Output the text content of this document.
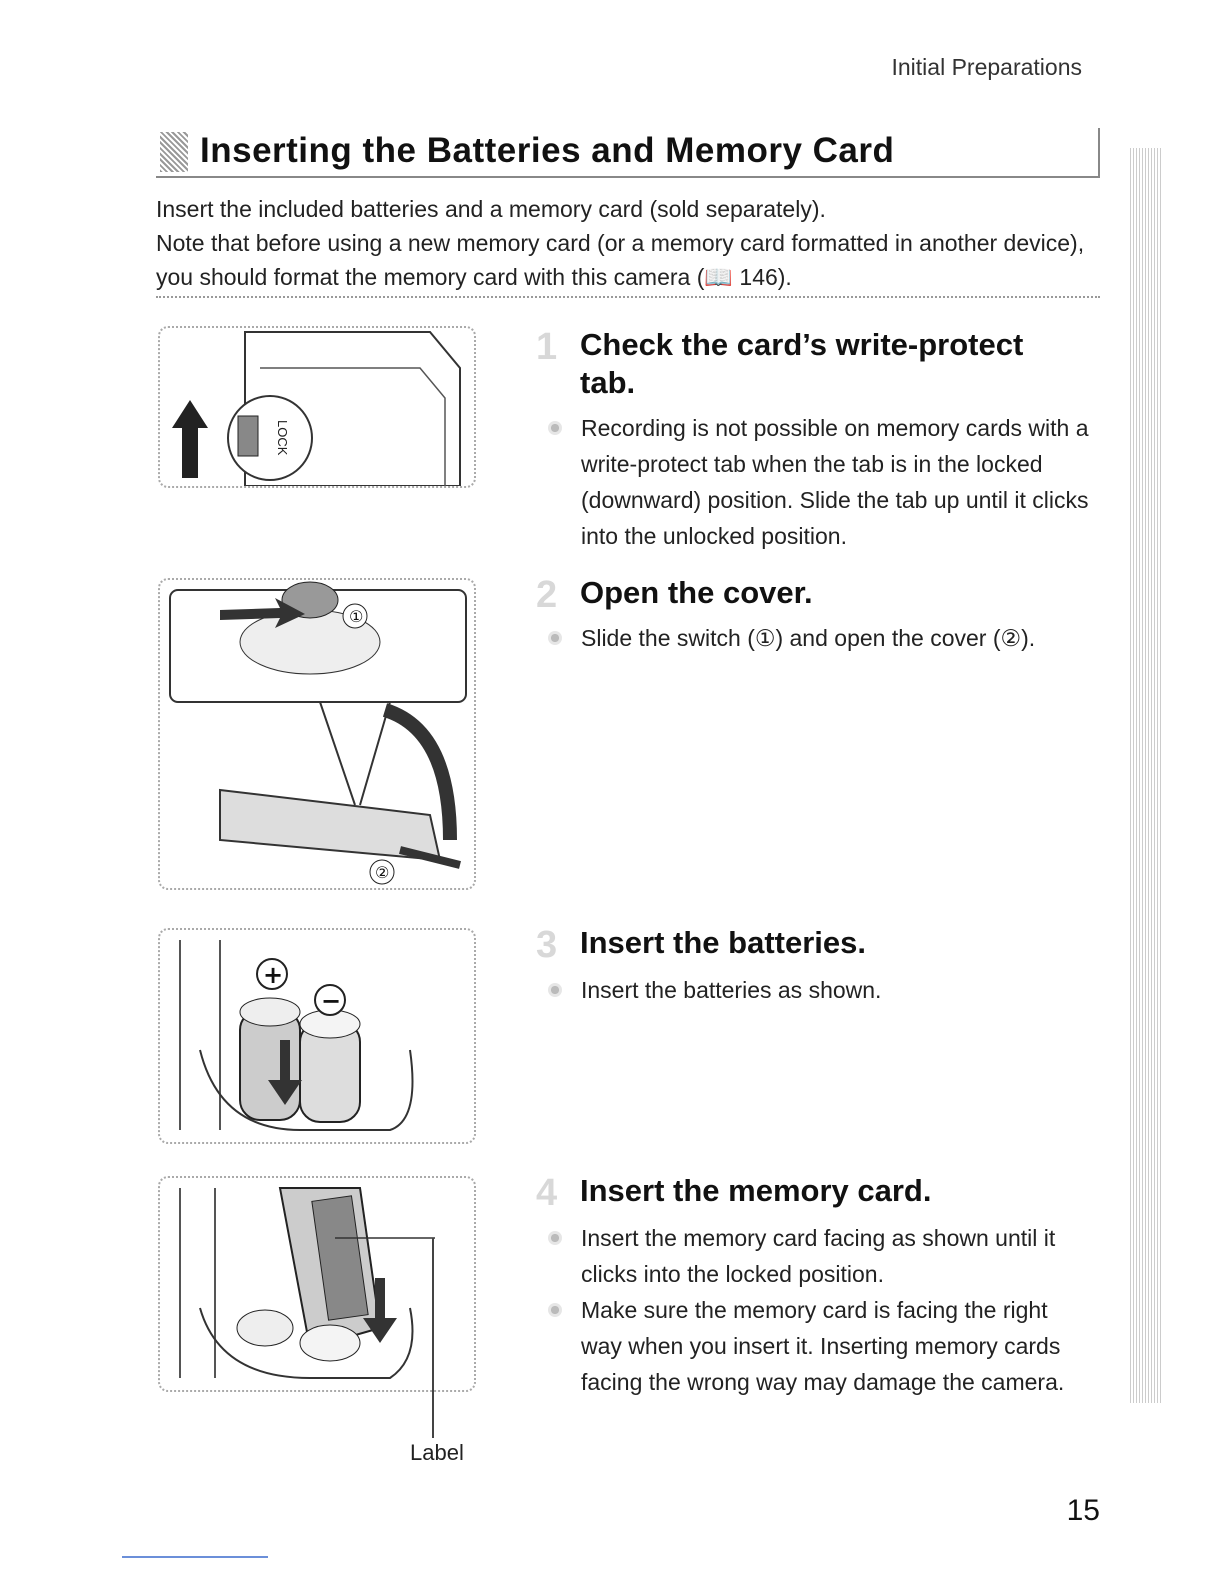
Initial Preparations
Inserting the Batteries and Memory Card

Insert the included batteries and a memory card (sold separately).

Note that before using a new memory card (or a memory card formatted in another device), you should format the memory card with this camera (📖 146).

LOCK
①
②
+
−
Label
1 Check the card’s write-protect tab.
Recording is not possible on memory cards with a write-protect tab when the tab is in the locked (downward) position. Slide the tab up until it clicks into the unlocked position.
2 Open the cover.
Slide the switch (①) and open the cover (②).
3 Insert the batteries.
Insert the batteries as shown.
4 Insert the memory card.
Insert the memory card facing as shown until it clicks into the locked position.
Make sure the memory card is facing the right way when you insert it. Inserting memory cards facing the wrong way may damage the camera.
15
